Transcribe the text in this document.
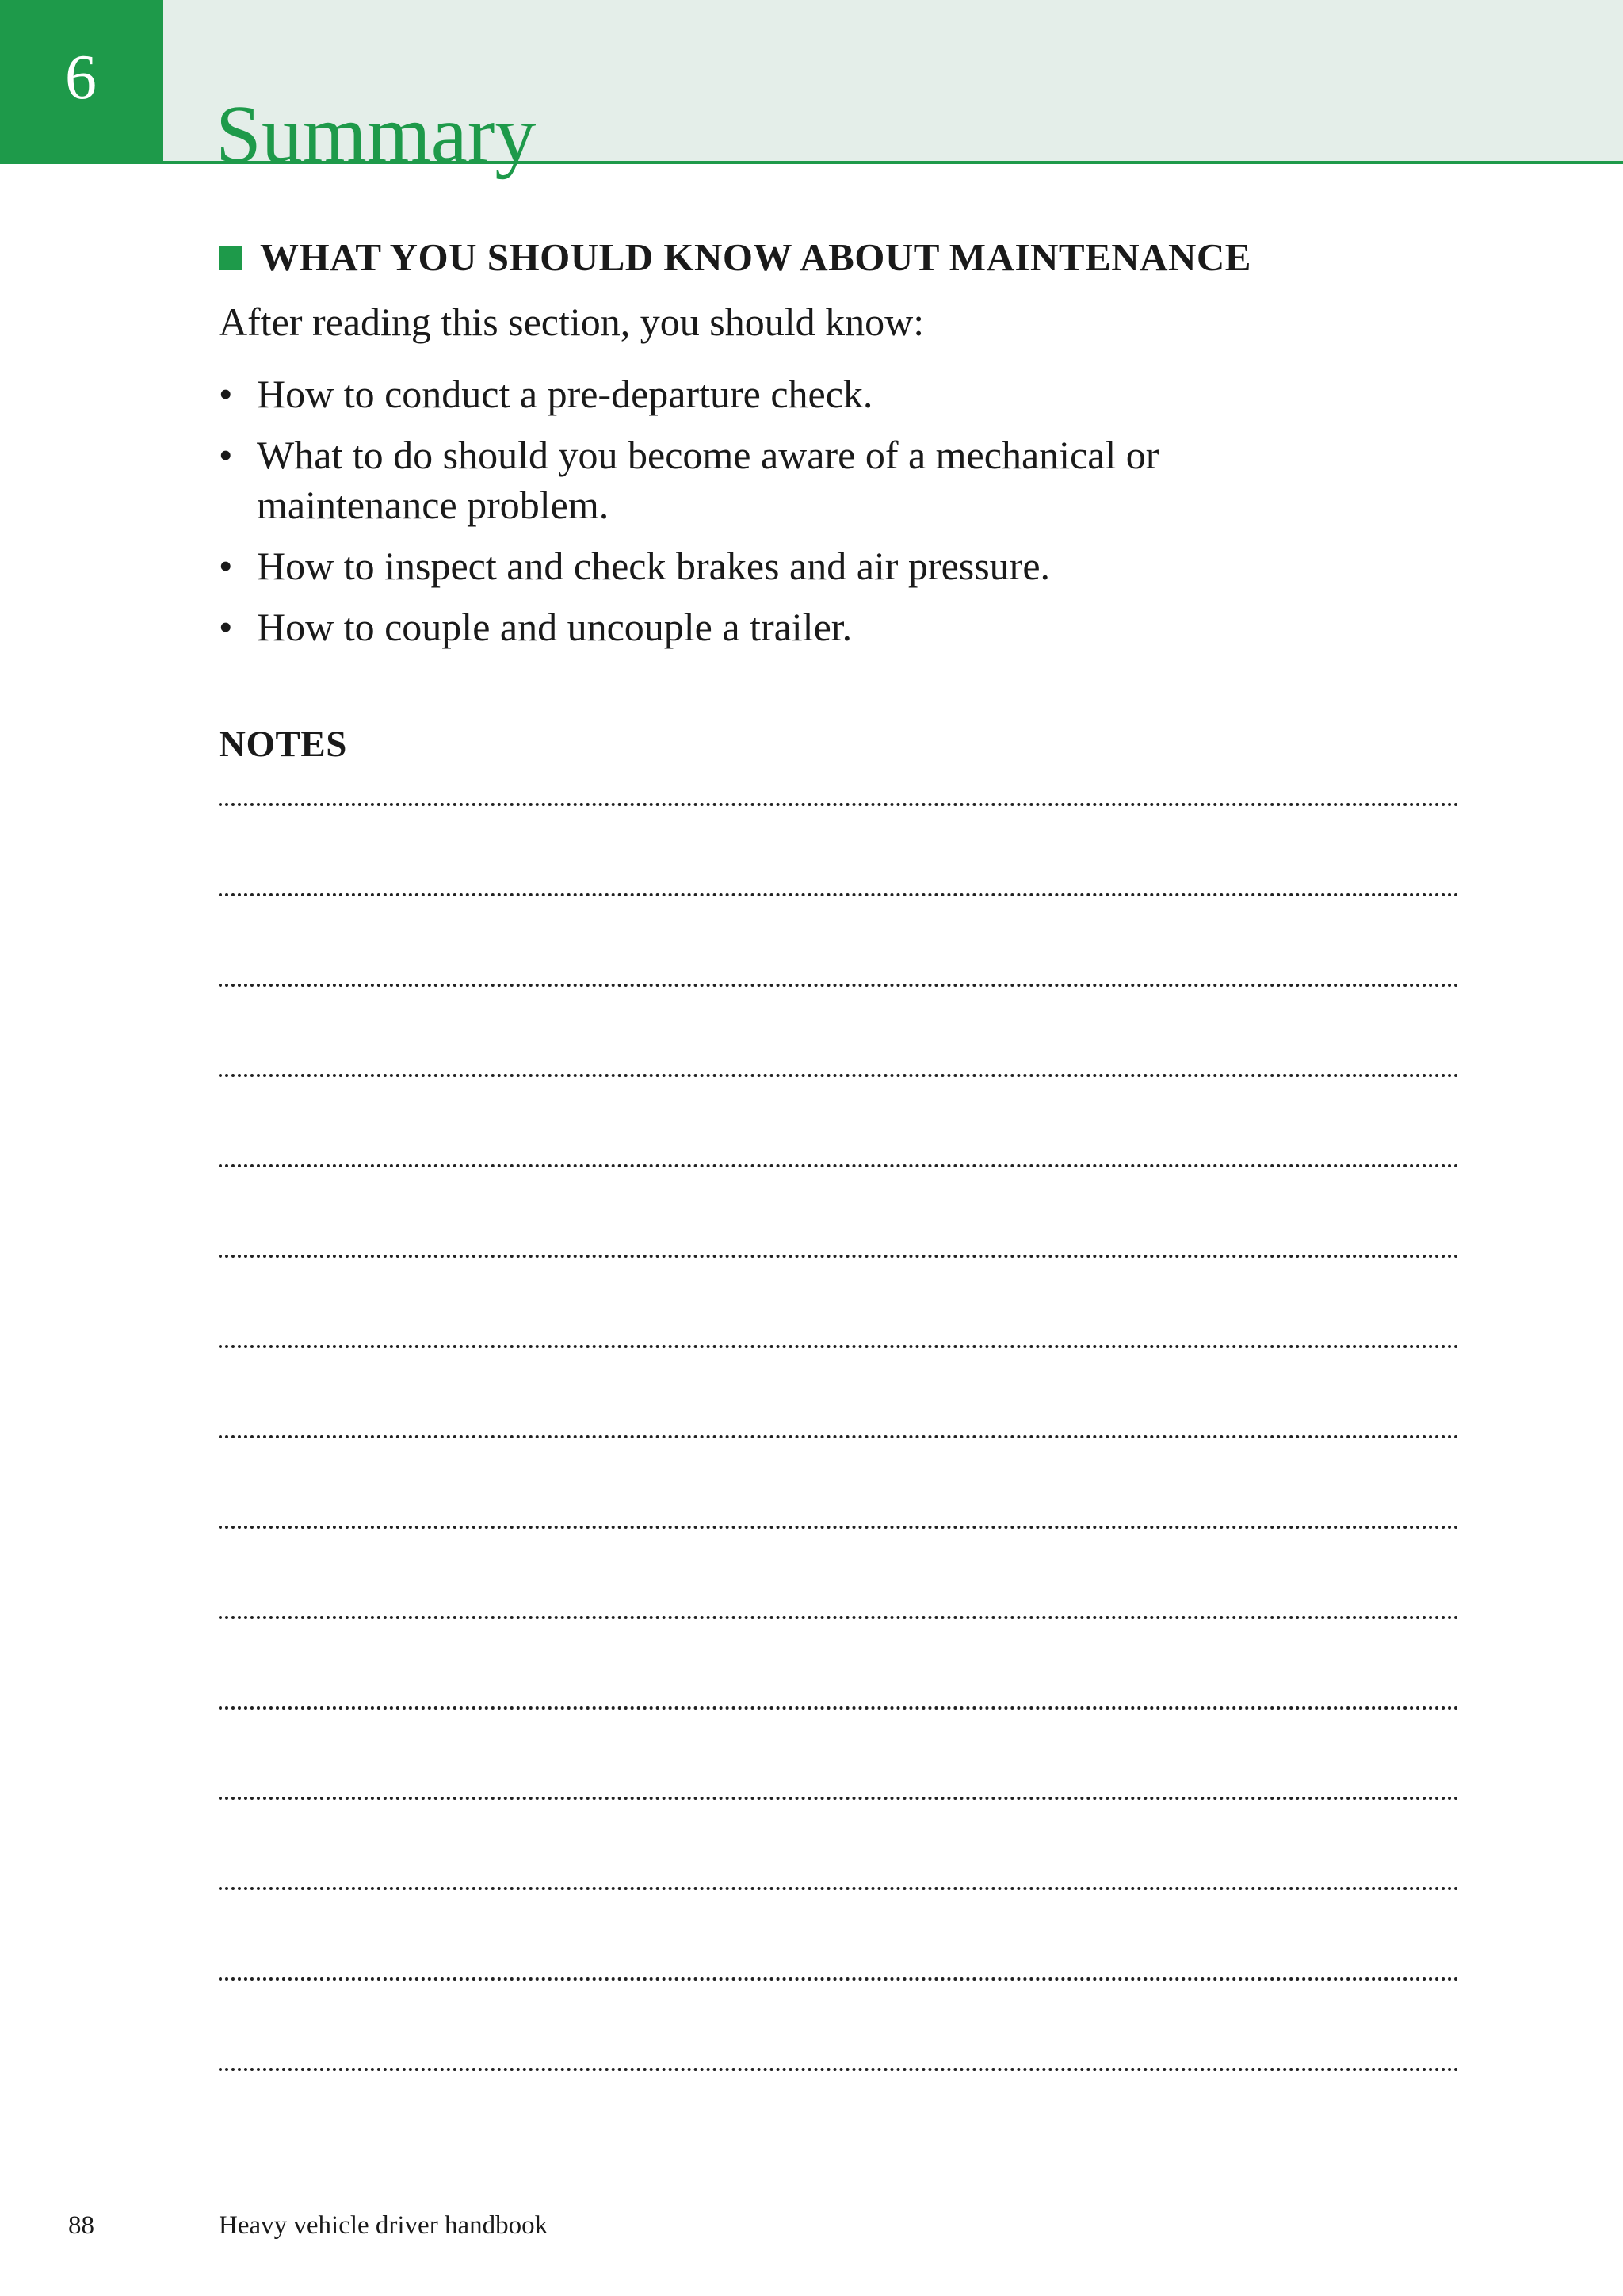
6
Summary
WHAT YOU SHOULD KNOW ABOUT MAINTENANCE

After reading this section, you should know:

• How to conduct a pre-departure check.
• What to do should you become aware of a mechanical or maintenance problem.
• How to inspect and check brakes and air pressure.
• How to couple and uncouple a trailer.
NOTES
88	Heavy vehicle driver handbook
